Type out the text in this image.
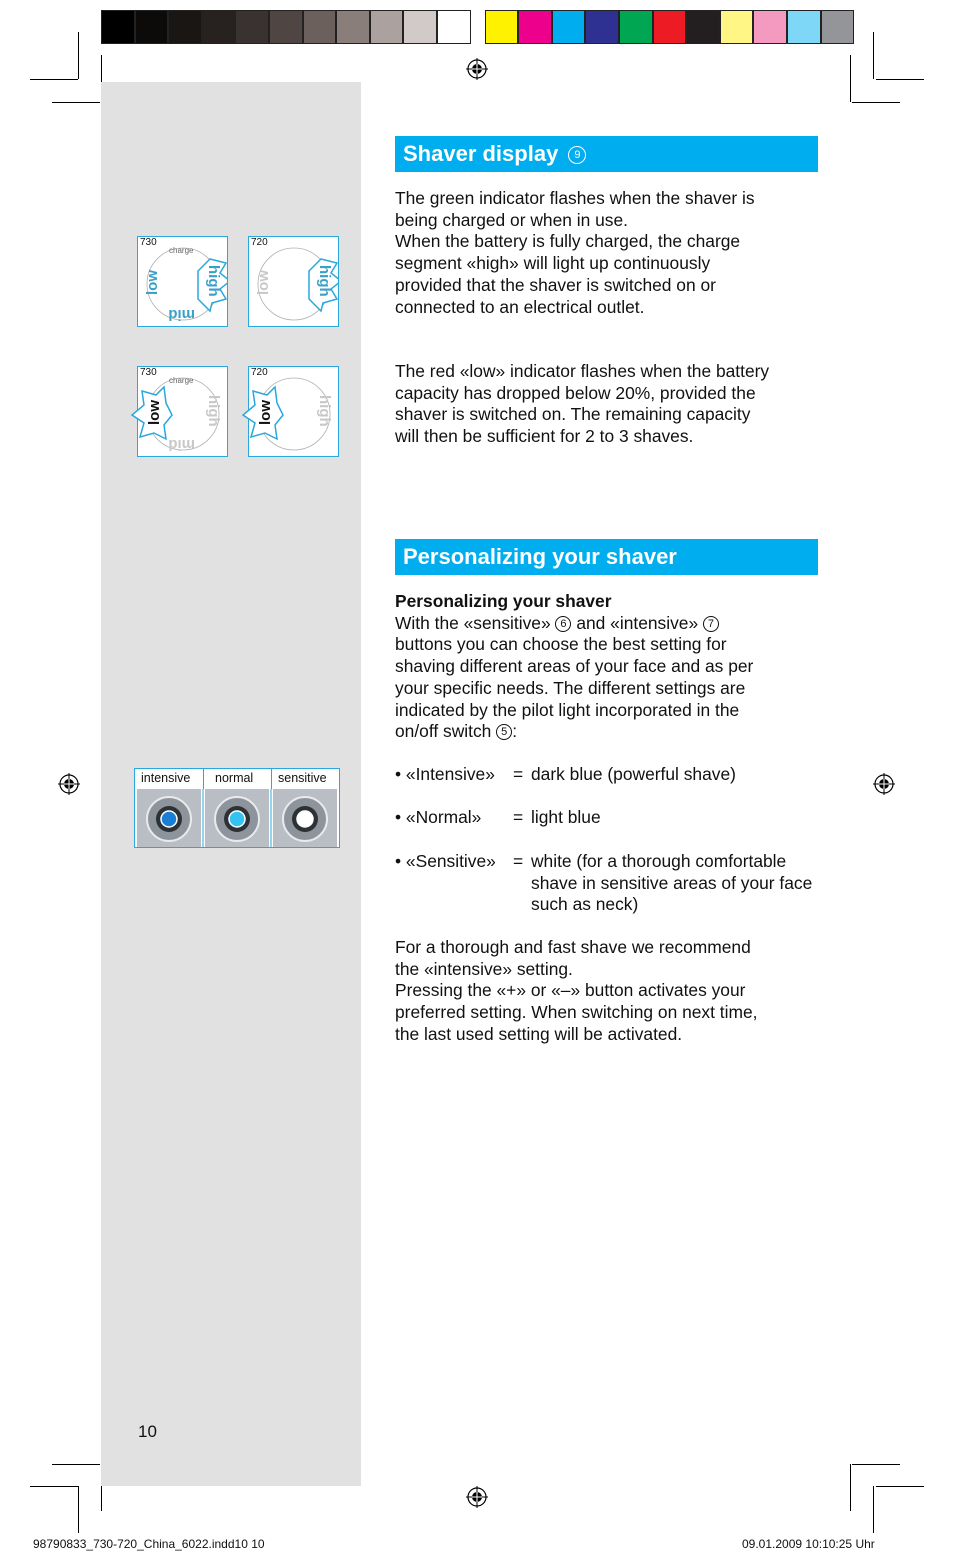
730
charge
low
mid
high
720
low	high
730
charge
low
mid
high
720
low	high
intensive normal sensitive
Shaver display 9

The green indicator flashes when the shaver is

being charged or when in use.

When the battery is fully charged, the charge

segment «high» will light up continuously

provided that the shaver is switched on or

connected to an electrical outlet.

The red «low» indicator flashes when the battery

capacity has dropped below 20%, provided the

shaver is switched on. The remaining capacity

will then be sufficient for 2 to 3 shaves.

Personalizing your shaver

Personalizing your shaver

With the «sensitive» 6 and «intensive» 7

buttons you can choose the best setting for

shaving different areas of your face and as per

your specific needs. The different settings are

indicated by the pilot light incorporated in the

on/off switch 5 :

• «Intensive» = dark blue (powerful shave)
• «Normal» = light blue
• «Sensitive» = white (for a thorough comfortable shave in sensitive areas of your face such as neck)

For a thorough and fast shave we recommend

the «intensive» setting.

Pressing the «+» or «–» button activates your

preferred setting. When switching on next time,

the last used setting will be activated.

10
98790833_730-720_China_6022.indd10 10	09.01.2009 10:10:25 Uhr
